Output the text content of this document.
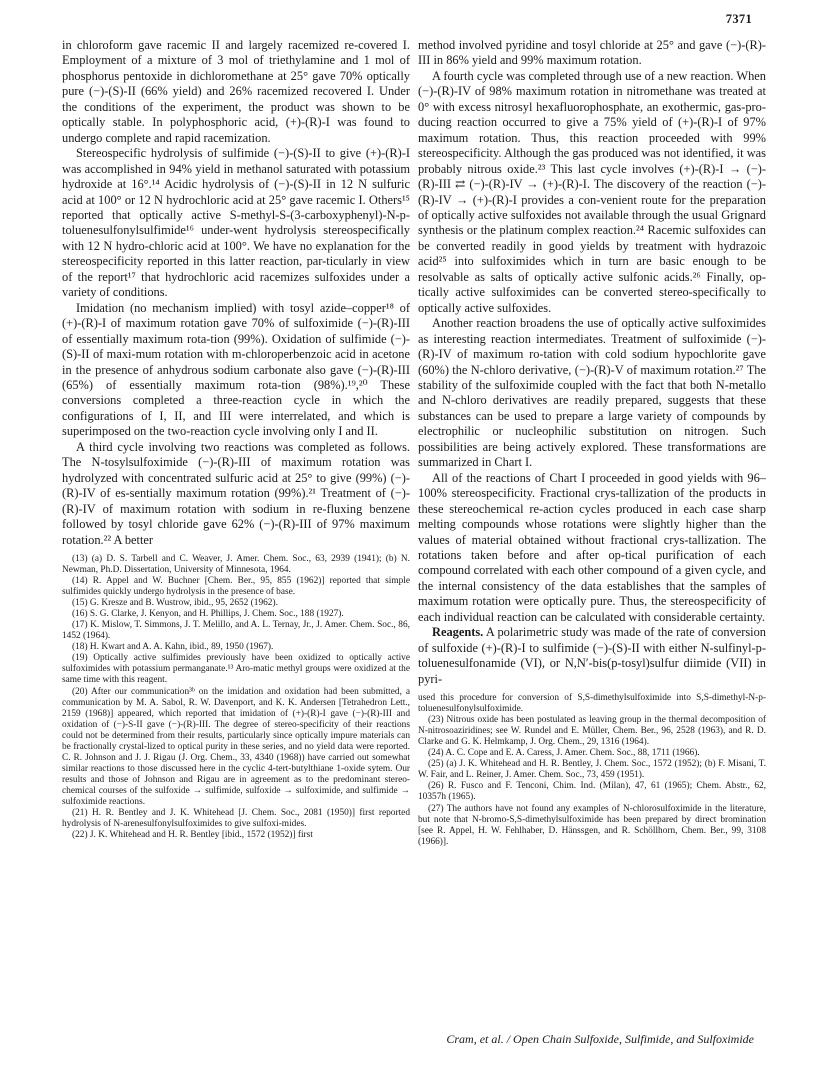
7371

in chloroform gave racemic II and largely racemized re-covered I. Employment of a mixture of 3 mol of triethylamine and 1 mol of phosphorus pentoxide in dichloromethane at 25° gave 70% optically pure (−)-(S)-II (66% yield) and 26% racemized recovered I. Under the conditions of the experiment, the product was shown to be optically stable. In polyphosphoric acid, (+)-(R)-I was found to undergo complete and rapid racemization.

Stereospecific hydrolysis of sulfimide (−)-(S)-II to give (+)-(R)-I was accomplished in 94% yield in methanol saturated with potassium hydroxide at 16°.¹⁴ Acidic hydrolysis of (−)-(S)-II in 12 N sulfuric acid at 100° or 12 N hydrochloric acid at 25° gave racemic I. Others¹⁵ reported that optically active S-methyl-S-(3-carboxyphenyl)-N-p-toluenesulfonylsulfimide¹⁶ under-went hydrolysis stereospecifically with 12 N hydro-chloric acid at 100°. We have no explanation for the stereospecificity reported in this latter reaction, par-ticularly in view of the report¹⁷ that hydrochloric acid racemizes sulfoxides under a variety of conditions.

Imidation (no mechanism implied) with tosyl azide–copper¹⁸ of (+)-(R)-I of maximum rotation gave 70% of sulfoximide (−)-(R)-III of essentially maximum rota-tion (99%). Oxidation of sulfimide (−)-(S)-II of maxi-mum rotation with m-chloroperbenzoic acid in acetone in the presence of anhydrous sodium carbonate also gave (−)-(R)-III (65%) of essentially maximum rota-tion (98%).¹⁹,²⁰ These conversions completed a three-reaction cycle in which the configurations of I, II, and III were interrelated, and which is superimposed on the two-reaction cycle involving only I and II.

A third cycle involving two reactions was completed as follows. The N-tosylsulfoximide (−)-(R)-III of maximum rotation was hydrolyzed with concentrated sulfuric acid at 25° to give (99%) (−)-(R)-IV of es-sentially maximum rotation (99%).²¹ Treatment of (−)-(R)-IV of maximum rotation with sodium in re-fluxing benzene followed by tosyl chloride gave 62% (−)-(R)-III of 97% maximum rotation.²² A better

(13) (a) D. S. Tarbell and C. Weaver, J. Amer. Chem. Soc., 63, 2939 (1941); (b) N. Newman, Ph.D. Dissertation, University of Minnesota, 1964.

(14) R. Appel and W. Buchner [Chem. Ber., 95, 855 (1962)] reported that simple sulfimides quickly undergo hydrolysis in the presence of base.

(15) G. Kresze and B. Wustrow, ibid., 95, 2652 (1962).

(16) S. G. Clarke, J. Kenyon, and H. Phillips, J. Chem. Soc., 188 (1927).

(17) K. Mislow, T. Simmons, J. T. Melillo, and A. L. Ternay, Jr., J. Amer. Chem. Soc., 86, 1452 (1964).

(18) H. Kwart and A. A. Kahn, ibid., 89, 1950 (1967).

(19) Optically active sulfimides previously have been oxidized to optically active sulfoximides with potassium permanganate.¹³ Aro-matic methyl groups were oxidized at the same time with this reagent.

(20) After our communication³ᵇ on the imidation and oxidation had been submitted, a communication by M. A. Sabol, R. W. Davenport, and K. K. Andersen [Tetrahedron Lett., 2159 (1968)] appeared, which reported that imidation of (+)-(R)-I gave (−)-(R)-III and oxidation of (−)-S-II gave (−)-(R)-III. The degree of stereo-specificity of their reactions could not be determined from their results, particularly since optically impure materials can be fractionally crystal-lized to optical purity in these series, and no yield data were reported. C. R. Johnson and J. J. Rigau (J. Org. Chem., 33, 4340 (1968)) have carried out somewhat similar reactions to those discussed here in the cyclic 4-tert-butylthiane 1-oxide sytem. Our results and those of Johnson and Rigau are in agreement as to the predominant stereo-chemical courses of the sulfoxide → sulfimide, sulfoxide → sulfoximide, and sulfimide → sulfoximide reactions.

(21) H. R. Bentley and J. K. Whitehead [J. Chem. Soc., 2081 (1950)] first reported hydrolysis of N-arenesulfonylsulfoximides to give sulfoxi-mides.

(22) J. K. Whitehead and H. R. Bentley [ibid., 1572 (1952)] first

method involved pyridine and tosyl chloride at 25° and gave (−)-(R)-III in 86% yield and 99% maximum rotation.

A fourth cycle was completed through use of a new reaction. When (−)-(R)-IV of 98% maximum rotation in nitromethane was treated at 0° with excess nitrosyl hexafluorophosphate, an exothermic, gas-pro-ducing reaction occurred to give a 75% yield of (+)-(R)-I of 97% maximum rotation. Thus, this reaction proceeded with 99% stereospecificity. Although the gas produced was not identified, it was probably nitrous oxide.²³ This last cycle involves (+)-(R)-I → (−)-(R)-III ⇄ (−)-(R)-IV → (+)-(R)-I. The discovery of the reaction (−)-(R)-IV → (+)-(R)-I provides a con-venient route for the preparation of optically active sulfoxides not available through the usual Grignard synthesis or the platinum complex reaction.²⁴ Racemic sulfoxides can be converted readily in good yields by treatment with hydrazoic acid²⁵ into sulfoximides which in turn are basic enough to be resolvable as salts of optically active sulfonic acids.²⁶ Finally, op-tically active sulfoximides can be converted stereo-specifically to optically active sulfoxides.

Another reaction broadens the use of optically active sulfoximides as interesting reaction intermediates. Treatment of sulfoximide (−)-(R)-IV of maximum ro-tation with cold sodium hypochlorite gave (60%) the N-chloro derivative, (−)-(R)-V of maximum rotation.²⁷ The stability of the sulfoximide coupled with the fact that both N-metallo and N-chloro derivatives are readily prepared, suggests that these substances can be used to prepare a large variety of compounds by electrophilic or nucleophilic substitution on nitrogen. Such possibilities are being actively explored. These transformations are summarized in Chart I.

All of the reactions of Chart I proceeded in good yields with 96–100% stereospecificity. Fractional crys-tallization of the products in these stereochemical re-action cycles produced in each case sharp melting compounds whose rotations were slightly higher than the values of material obtained without fractional crys-tallization. The rotations taken before and after op-tical purification of each compound correlated with each other compound of a given cycle, and the internal consistency of the data establishes that the samples of maximum rotation were optically pure. Thus, the stereospecificity of each individual reaction can be calculated with considerable certainty.

Reagents. A polarimetric study was made of the rate of conversion of sulfoxide (+)-(R)-I to sulfimide (−)-(S)-II with either N-sulfinyl-p-toluenesulfonamide (VI), or N,N′-bis(p-tosyl)sulfur diimide (VII) in pyri-

used this procedure for conversion of S,S-dimethylsulfoximide into S,S-dimethyl-N-p-toluenesulfonylsulfoximide.

(23) Nitrous oxide has been postulated as leaving group in the thermal decomposition of N-nitrosoaziridines; see W. Rundel and E. Müller, Chem. Ber., 96, 2528 (1963), and R. D. Clarke and G. K. Helmkamp, J. Org. Chem., 29, 1316 (1964).

(24) A. C. Cope and E. A. Caress, J. Amer. Chem. Soc., 88, 1711 (1966).

(25) (a) J. K. Whitehead and H. R. Bentley, J. Chem. Soc., 1572 (1952); (b) F. Misani, T. W. Fair, and L. Reiner, J. Amer. Chem. Soc., 73, 459 (1951).

(26) R. Fusco and F. Tenconi, Chim. Ind. (Milan), 47, 61 (1965); Chem. Abstr., 62, 10357h (1965).

(27) The authors have not found any examples of N-chlorosulfoximide in the literature, but note that N-bromo-S,S-dimethylsulfoximide has been prepared by direct bromination [see R. Appel, H. W. Fehlhaber, D. Hänssgen, and R. Schöllhorn, Chem. Ber., 99, 3108 (1966)].

Cram, et al. / Open Chain Sulfoxide, Sulfimide, and Sulfoximide
